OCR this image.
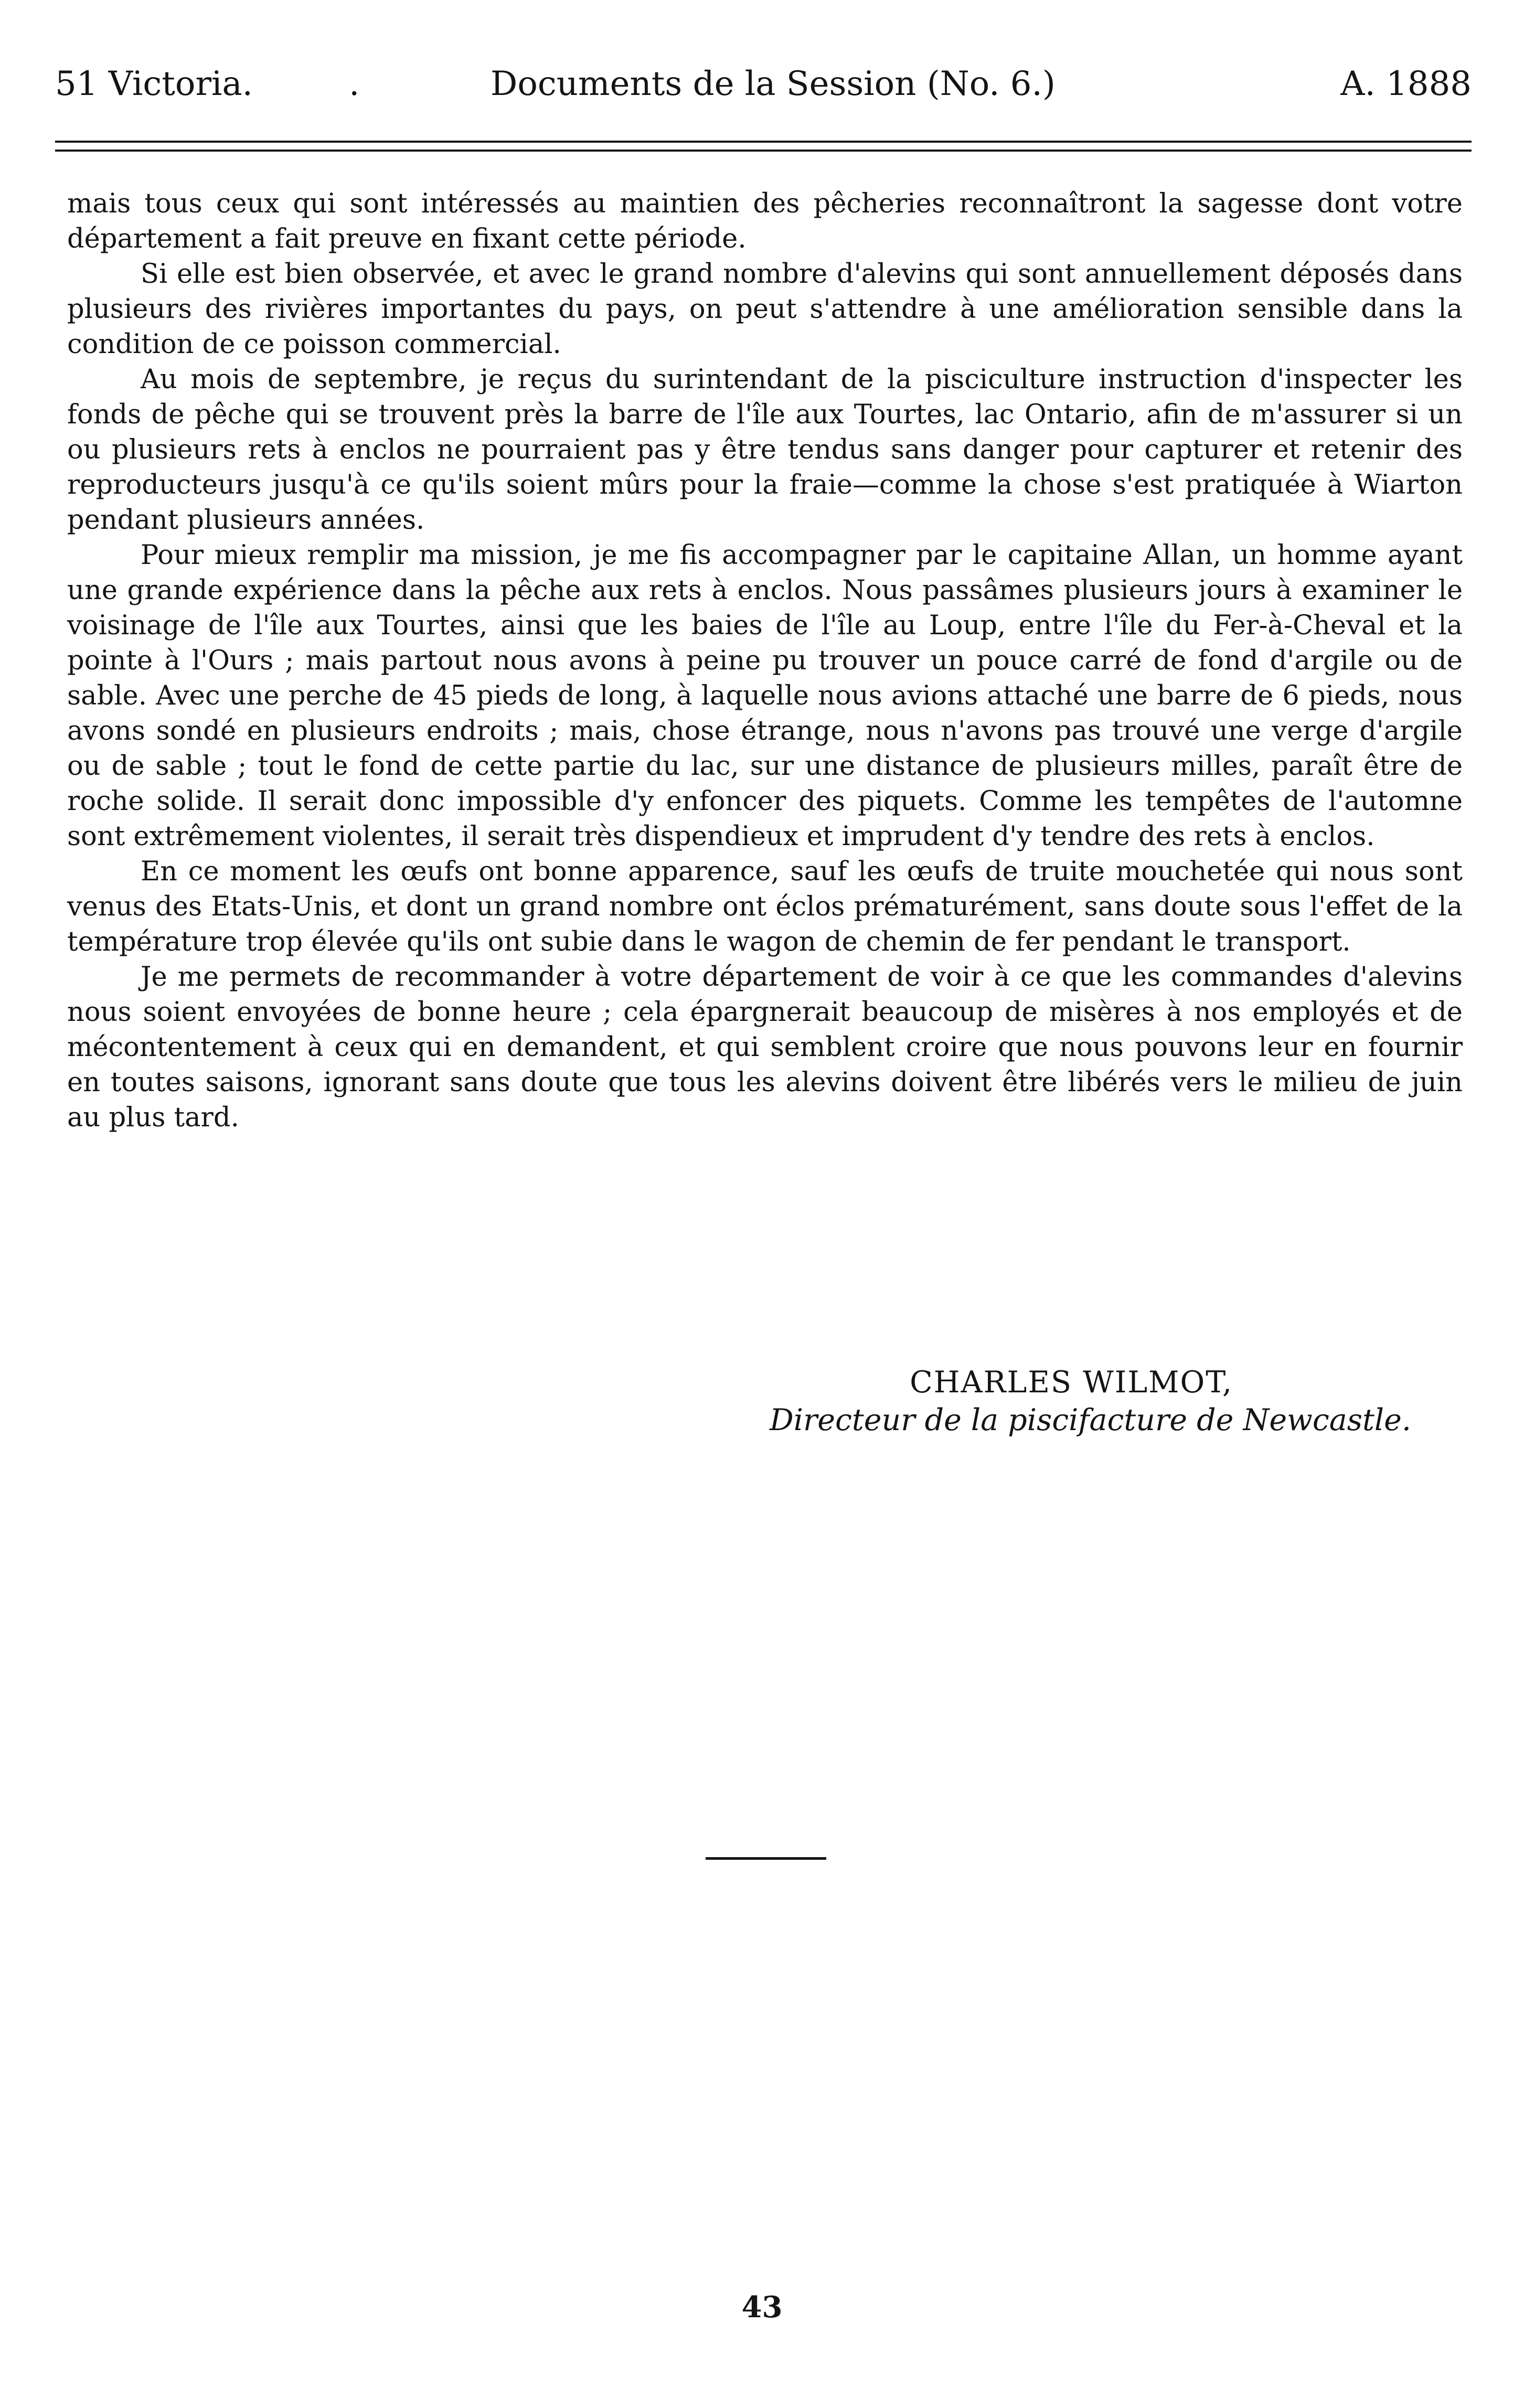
51 Victoria.	.	Documents de la Session (No. 6.)	A. 1888

mais tous ceux qui sont intéressés au maintien des pêcheries reconnaîtront la sagesse dont votre département a fait preuve en fixant cette période.

Si elle est bien observée, et avec le grand nombre d'alevins qui sont annuellement déposés dans plusieurs des rivières importantes du pays, on peut s'attendre à une amélioration sensible dans la condition de ce poisson commercial.

Au mois de septembre, je reçus du surintendant de la pisciculture instruction d'inspecter les fonds de pêche qui se trouvent près la barre de l'île aux Tourtes, lac Ontario, afin de m'assurer si un ou plusieurs rets à enclos ne pourraient pas y être tendus sans danger pour capturer et retenir des reproducteurs jusqu'à ce qu'ils soient mûrs pour la fraie—comme la chose s'est pratiquée à Wiarton pendant plusieurs années.

Pour mieux remplir ma mission, je me fis accompagner par le capitaine Allan, un homme ayant une grande expérience dans la pêche aux rets à enclos. Nous passâmes plusieurs jours à examiner le voisinage de l'île aux Tourtes, ainsi que les baies de l'île au Loup, entre l'île du Fer-à-Cheval et la pointe à l'Ours ; mais partout nous avons à peine pu trouver un pouce carré de fond d'argile ou de sable. Avec une perche de 45 pieds de long, à laquelle nous avions attaché une barre de 6 pieds, nous avons sondé en plusieurs endroits ; mais, chose étrange, nous n'avons pas trouvé une verge d'argile ou de sable ; tout le fond de cette partie du lac, sur une distance de plusieurs milles, paraît être de roche solide. Il serait donc impossible d'y enfoncer des piquets. Comme les tempêtes de l'automne sont extrêmement violentes, il serait très dispendieux et imprudent d'y tendre des rets à enclos.

En ce moment les œufs ont bonne apparence, sauf les œufs de truite mouchetée qui nous sont venus des Etats-Unis, et dont un grand nombre ont éclos prématurément, sans doute sous l'effet de la température trop élevée qu'ils ont subie dans le wagon de chemin de fer pendant le transport.

Je me permets de recommander à votre département de voir à ce que les commandes d'alevins nous soient envoyées de bonne heure ; cela épargnerait beaucoup de misères à nos employés et de mécontentement à ceux qui en demandent, et qui semblent croire que nous pouvons leur en fournir en toutes saisons, ignorant sans doute que tous les alevins doivent être libérés vers le milieu de juin au plus tard.

CHARLES WILMOT,
Directeur de la piscifacture de Newcastle.
43
